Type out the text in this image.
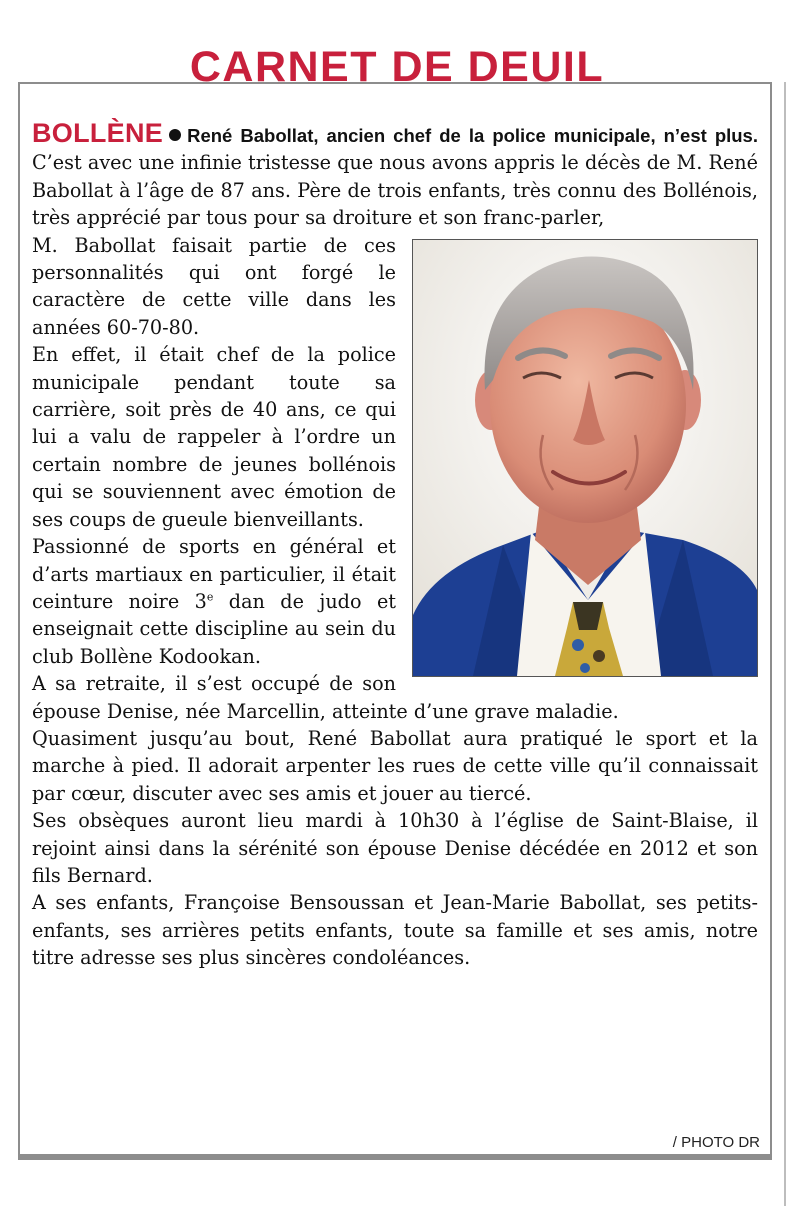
CARNET DE DEUIL

BOLLÈNE René Babollat, ancien chef de la police municipale, n’est plus. C’est avec une infinie tristesse que nous avons appris le décès de M. René Babollat à l’âge de 87 ans. Père de trois enfants, très connu des Bollénois, très apprécié par tous pour sa droiture et son franc-parler,

M. Babollat faisait partie de ces personnalités qui ont forgé le caractère de cette ville dans les années 60-70-80.

En effet, il était chef de la police municipale pendant toute sa carrière, soit près de 40 ans, ce qui lui a valu de rappeler à l’ordre un certain nombre de jeunes bollénois qui se souviennent avec émotion de ses coups de gueule bienveillants.

Passionné de sports en général et d’arts martiaux en particulier, il était ceinture noire 3e dan de judo et enseignait cette discipline au sein du club Bollène Kodookan.

A sa retraite, il s’est occupé de son épouse Denise, née Marcellin, atteinte d’une grave maladie.

Quasiment jusqu’au bout, René Babollat aura pratiqué le sport et la marche à pied. Il adorait arpenter les rues de cette ville qu’il connaissait par cœur, discuter avec ses amis et jouer au tiercé.

Ses obsèques auront lieu mardi à 10h30 à l’église de Saint-Blaise, il rejoint ainsi dans la sérénité son épouse Denise décédée en 2012 et son fils Bernard.

A ses enfants, Françoise Bensoussan et Jean-Marie Babollat, ses petits-enfants, ses arrières petits enfants, toute sa famille et ses amis, notre titre adresse ses plus sincères condoléances.

/ PHOTO DR
